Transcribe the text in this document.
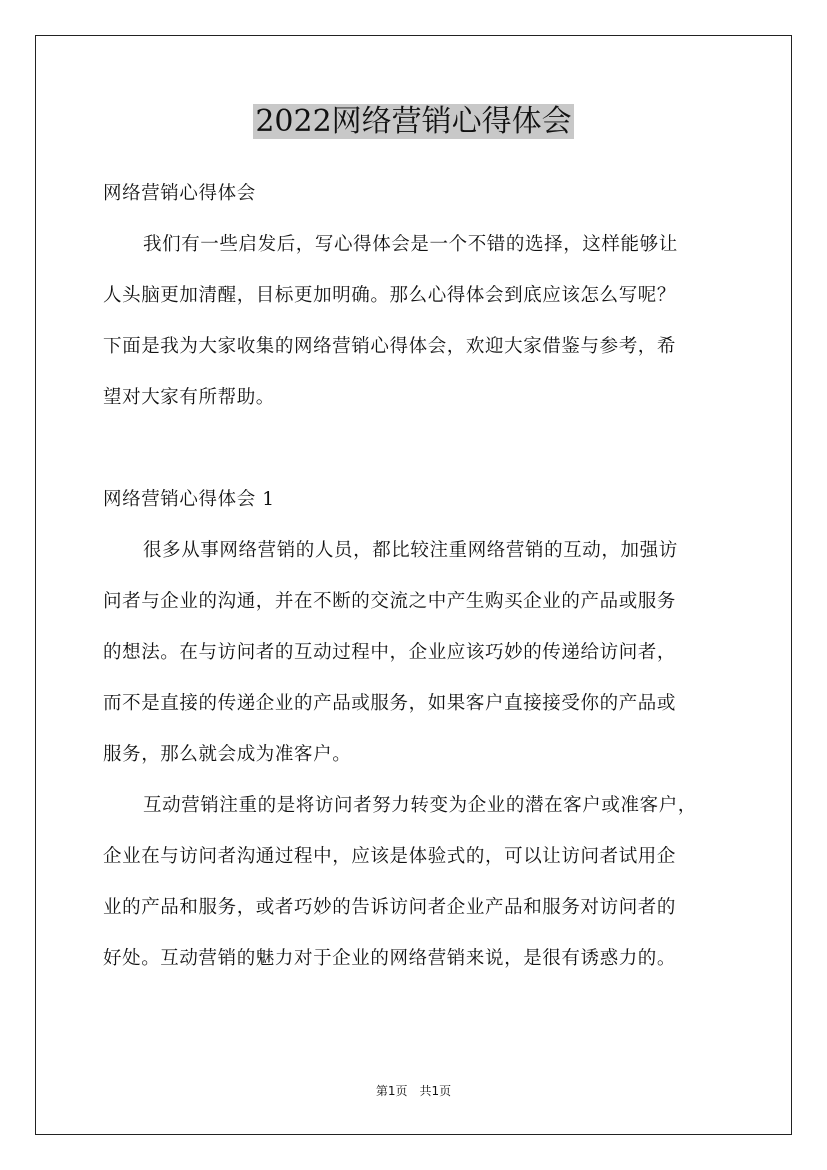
2022网络营销心得体会
网络营销心得体会
我们有一些启发后，写心得体会是一个不错的选择，这样能够让
人头脑更加清醒，目标更加明确。那么心得体会到底应该怎么写呢？
下面是我为大家收集的网络营销心得体会，欢迎大家借鉴与参考，希
望对大家有所帮助。
网络营销心得体会 1
很多从事网络营销的人员，都比较注重网络营销的互动，加强访
问者与企业的沟通，并在不断的交流之中产生购买企业的产品或服务
的想法。在与访问者的互动过程中，企业应该巧妙的传递给访问者，
而不是直接的传递企业的产品或服务，如果客户直接接受你的产品或
服务，那么就会成为准客户。
互动营销注重的是将访问者努力转变为企业的潜在客户或准客户，
企业在与访问者沟通过程中，应该是体验式的，可以让访问者试用企
业的产品和服务，或者巧妙的告诉访问者企业产品和服务对访问者的
好处。互动营销的魅力对于企业的网络营销来说，是很有诱惑力的。
第1页　共1页
